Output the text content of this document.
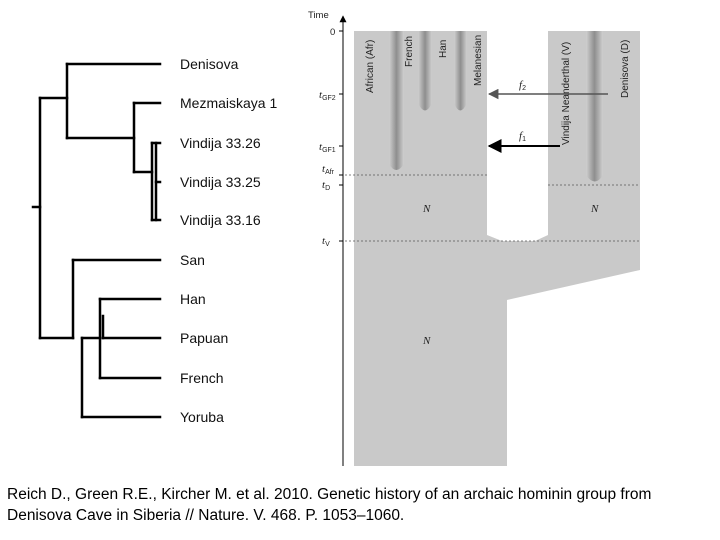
Denisova
Mezmaiskaya 1
Vindija 33.26
Vindija 33.25
Vindija 33.16
San
Han
Papuan
French
Yoruba
Time
0
tGF2
tGF1
tAfr
tD
tV
African (Afr)	French Han Melanesian	Vindija Neanderthal (V)	Denisova (D)
f2
f1
N	N
N
Reich D., Green R.E., Kircher M. et al. 2010. Genetic history of an archaic hominin group from Denisova Cave in Siberia // Nature. V. 468. P. 1053–1060.
